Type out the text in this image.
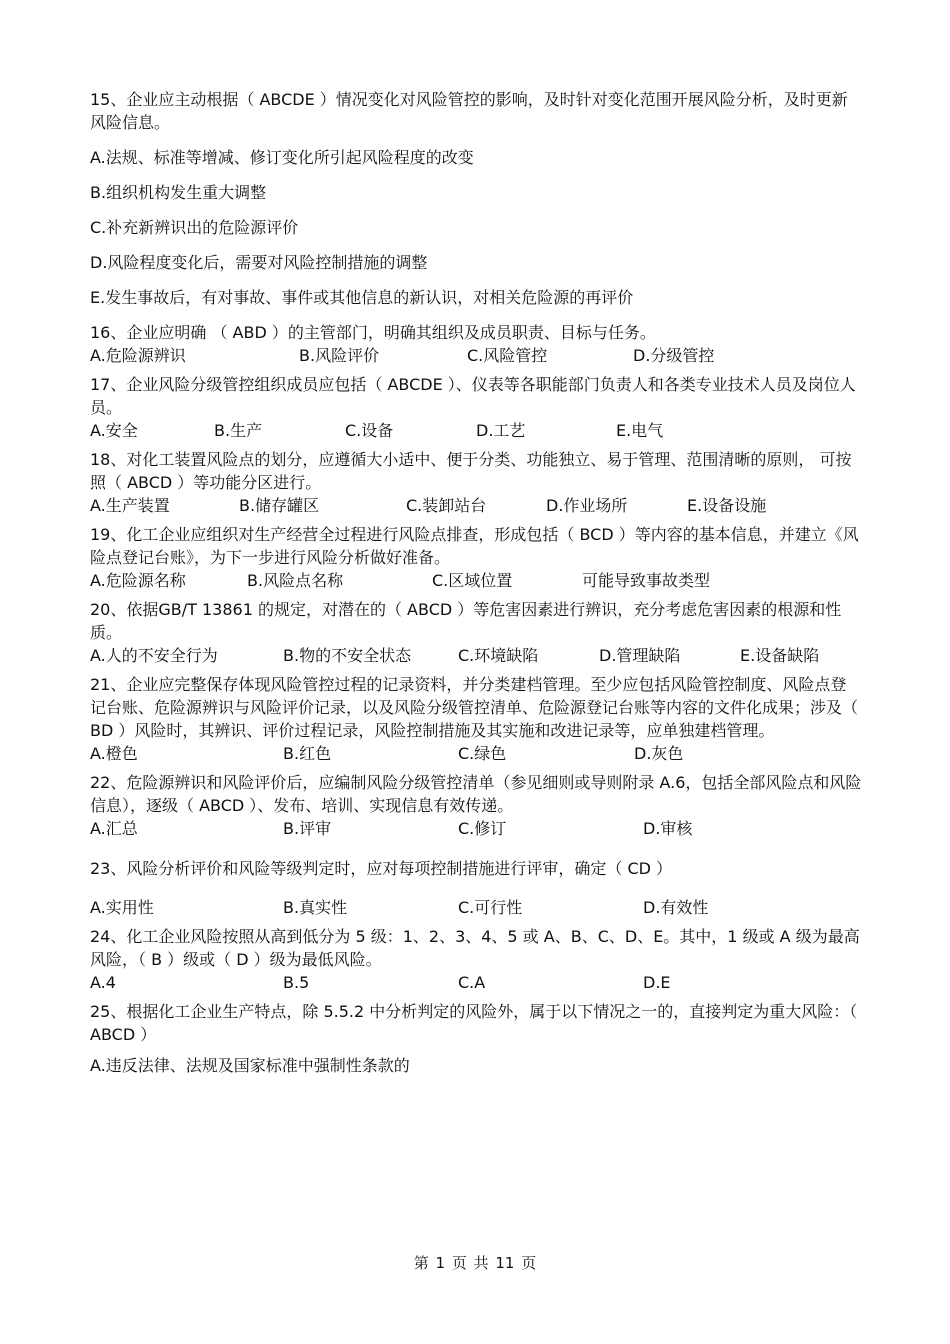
15、企业应主动根据（ ABCDE ）情况变化对风险管控的影响，及时针对变化范围开展风险分析，及时更新风险信息。

A.法规、标准等增减、修订变化所引起风险程度的改变

B.组织机构发生重大调整

C.补充新辨识出的危险源评价

D.风险程度变化后，需要对风险控制措施的调整

E.发生事故后，有对事故、事件或其他信息的新认识，对相关危险源的再评价

16、企业应明确 （ ABD ）的主管部门，明确其组织及成员职责、目标与任务。

A.危险源辨识	B.风险评价	C.风险管控	D.分级管控

17、企业风险分级管控组织成员应包括（ ABCDE ）、仪表等各职能部门负责人和各类专业技术人员及岗位人员。

A.安全	B.生产	C.设备	D.工艺	E.电气

18、对化工装置风险点的划分，应遵循大小适中、便于分类、功能独立、易于管理、范围清晰的原则， 可按照（ ABCD ）等功能分区进行。

A.生产装置	B.储存罐区	C.装卸站台	D.作业场所	E.设备设施

19、化工企业应组织对生产经营全过程进行风险点排查，形成包括（ BCD ）等内容的基本信息，并建立《风险点登记台账》，为下一步进行风险分析做好准备。

A.危险源名称	B.风险点名称	C.区域位置	可能导致事故类型

20、依据GB/T 13861 的规定，对潜在的（ ABCD ）等危害因素进行辨识，充分考虑危害因素的根源和性质。

A.人的不安全行为	B.物的不安全状态	C.环境缺陷	D.管理缺陷	E.设备缺陷

21、企业应完整保存体现风险管控过程的记录资料，并分类建档管理。至少应包括风险管控制度、风险点登记台账、危险源辨识与风险评价记录，以及风险分级管控清单、危险源登记台账等内容的文件化成果；涉及（ BD ）风险时，其辨识、评价过程记录，风险控制措施及其实施和改进记录等，应单独建档管理。

A.橙色	B.红色	C.绿色	D.灰色

22、危险源辨识和风险评价后，应编制风险分级管控清单（参见细则或导则附录 A.6，包括全部风险点和风险信息），逐级（ ABCD ）、发布、培训、实现信息有效传递。

A.汇总	B.评审	C.修订	D.审核

23、风险分析评价和风险等级判定时，应对每项控制措施进行评审，确定（ CD ）

A.实用性	B.真实性	C.可行性	D.有效性

24、化工企业风险按照从高到低分为 5 级：1、2、3、4、5 或 A、B、C、D、E。其中，1 级或 A 级为最高风险，（ B ）级或（ D ）级为最低风险。

A.4	B.5	C.A	D.E

25、根据化工企业生产特点，除 5.5.2 中分析判定的风险外，属于以下情况之一的，直接判定为重大风险：（ ABCD ）

A.违反法律、法规及国家标准中强制性条款的

第 1 页 共 11 页
